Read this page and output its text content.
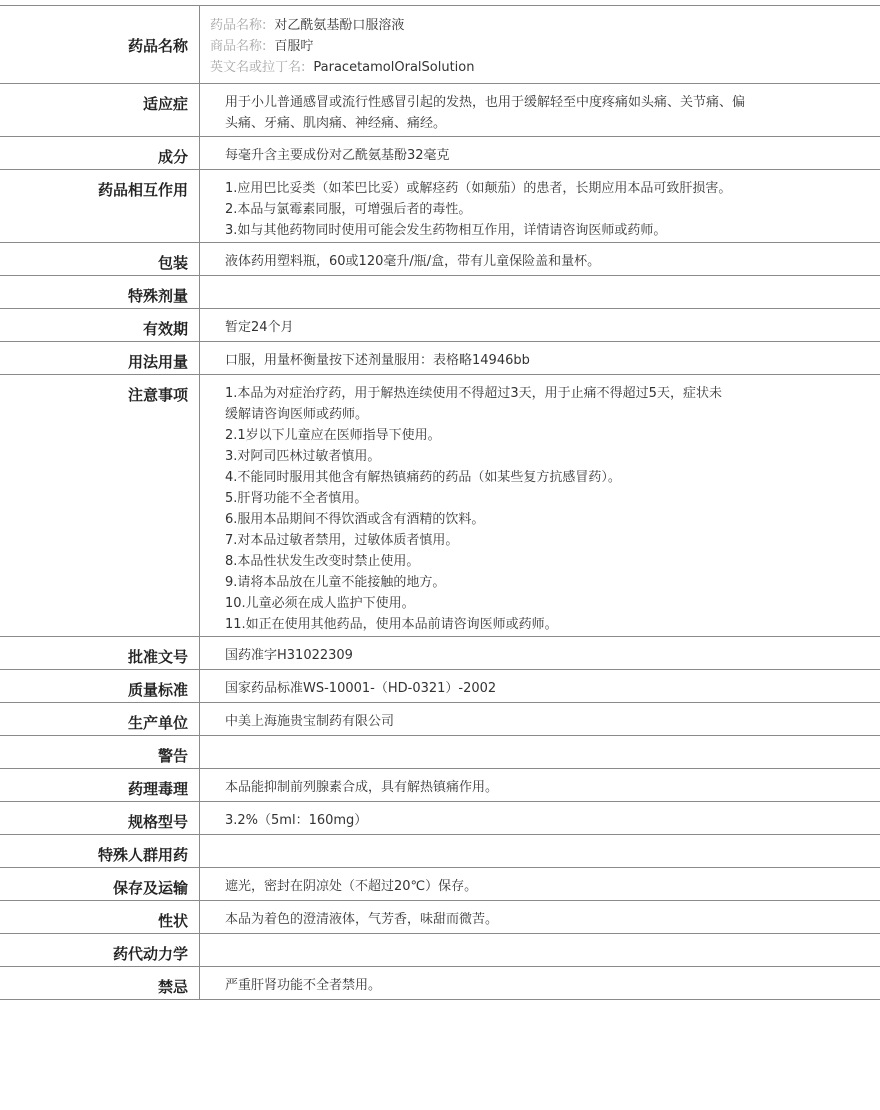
药品名称
药品名称: 对乙酰氨基酚口服溶液
商品名称: 百服咛
英文名或拉丁名: ParacetamolOralSolution
适应症	用于小儿普通感冒或流行性感冒引起的发热，也用于缓解轻至中度疼痛如头痛、关节痛、偏
头痛、牙痛、肌肉痛、神经痛、痛经。
成分	每毫升含主要成份对乙酰氨基酚32毫克
药品相互作用	1.应用巴比妥类（如苯巴比妥）或解痉药（如颠茄）的患者，长期应用本品可致肝损害。
2.本品与氯霉素同服，可增强后者的毒性。
3.如与其他药物同时使用可能会发生药物相互作用，详情请咨询医师或药师。
包装	液体药用塑料瓶，60或120毫升/瓶/盒，带有儿童保险盖和量杯。
特殊剂量
有效期	暂定24个月
用法用量	口服，用量杯衡量按下述剂量服用：表格略14946bb
注意事项	1.本品为对症治疗药，用于解热连续使用不得超过3天，用于止痛不得超过5天，症状未
缓解请咨询医师或药师。
2.1岁以下儿童应在医师指导下使用。
3.对阿司匹林过敏者慎用。
4.不能同时服用其他含有解热镇痛药的药品（如某些复方抗感冒药）。
5.肝肾功能不全者慎用。
6.服用本品期间不得饮酒或含有酒精的饮料。
7.对本品过敏者禁用，过敏体质者慎用。
8.本品性状发生改变时禁止使用。
9.请将本品放在儿童不能接触的地方。
10.儿童必须在成人监护下使用。
11.如正在使用其他药品，使用本品前请咨询医师或药师。
批准文号	国药准字H31022309
质量标准	国家药品标准WS-10001-（HD-0321）-2002
生产单位	中美上海施贵宝制药有限公司
警告
药理毒理	本品能抑制前列腺素合成，具有解热镇痛作用。
规格型号	3.2%（5ml：160mg）
特殊人群用药
保存及运输	遮光，密封在阴凉处（不超过20℃）保存。
性状	本品为着色的澄清液体，气芳香，味甜而微苦。
药代动力学
禁忌	严重肝肾功能不全者禁用。
